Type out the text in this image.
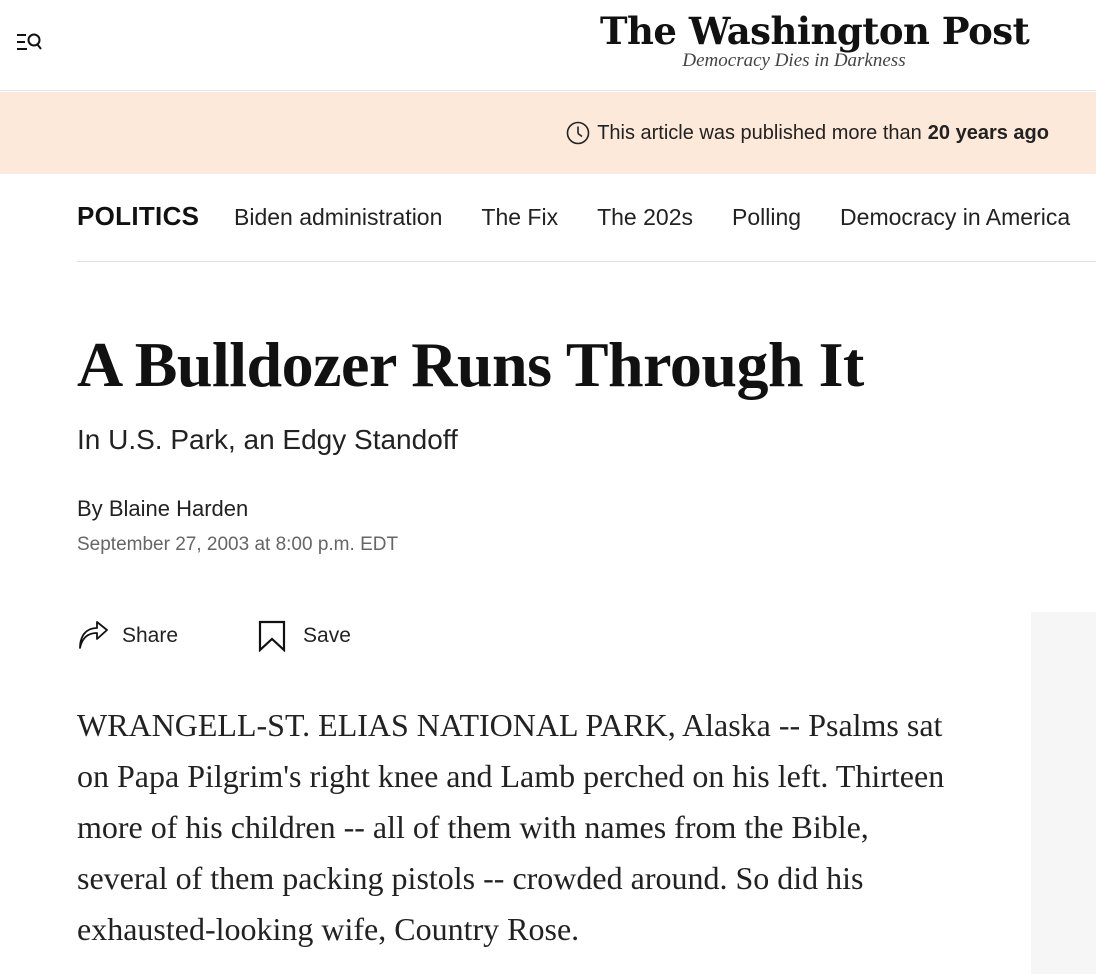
The Washington Post
Democracy Dies in Darkness
This article was published more than 20 years ago
POLITICS Biden administration The Fix The 202s Polling Democracy in America
A Bulldozer Runs Through It
In U.S. Park, an Edgy Standoff
By Blaine Harden
September 27, 2003 at 8:00 p.m. EDT
Share	Save

WRANGELL-ST. ELIAS NATIONAL PARK, Alaska -- Psalms sat on Papa Pilgrim's right knee and Lamb perched on his left. Thirteen more of his children -- all of them with names from the Bible, several of them packing pistols -- crowded around. So did his exhausted-looking wife, Country Rose.
